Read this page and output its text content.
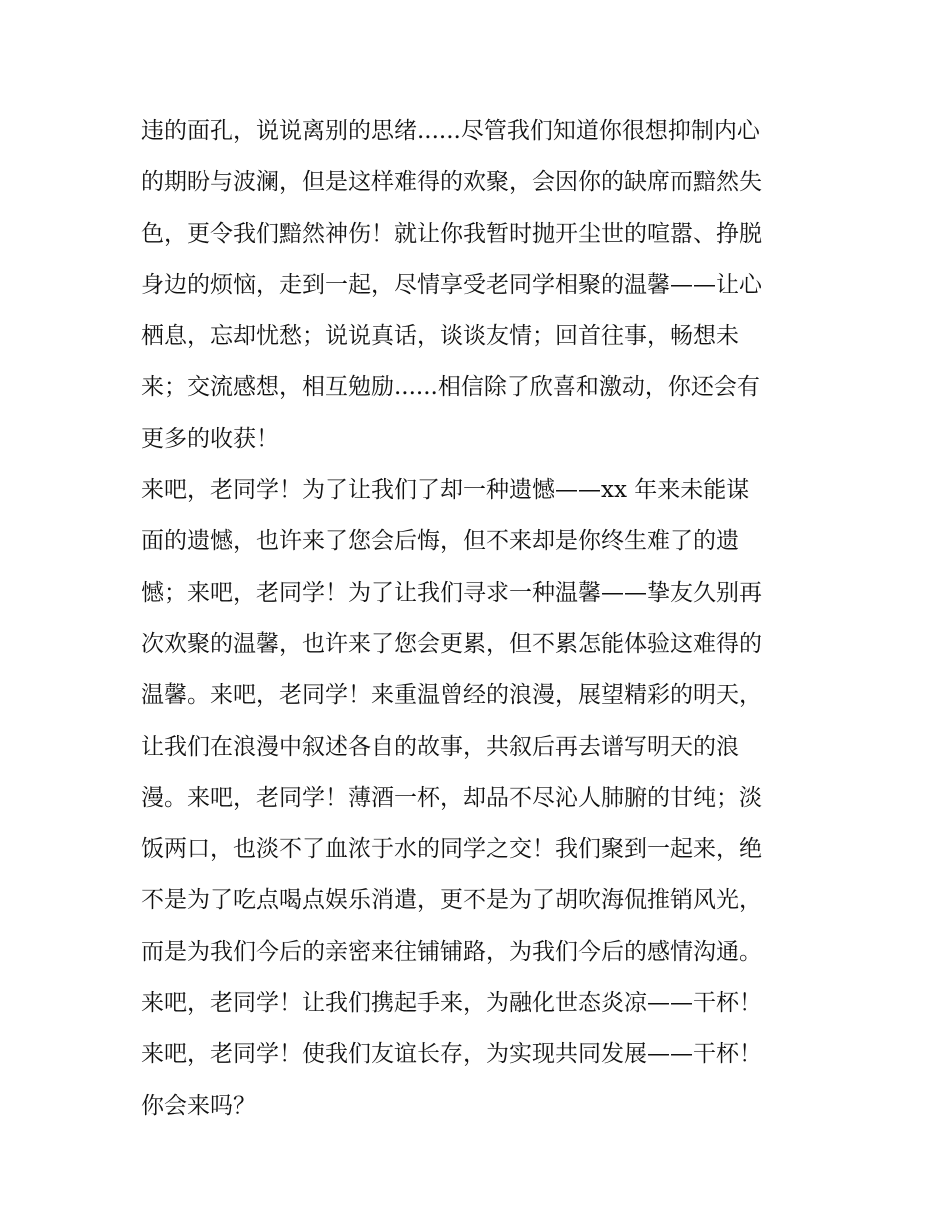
违的面孔，说说离别的思绪......尽管我们知道你很想抑制内心

的期盼与波澜，但是这样难得的欢聚，会因你的缺席而黯然失

色，更令我们黯然神伤！就让你我暂时抛开尘世的喧嚣、挣脱

身边的烦恼，走到一起，尽情享受老同学相聚的温馨——让心

栖息，忘却忧愁；说说真话，谈谈友情；回首往事，畅想未

来；交流感想，相互勉励......相信除了欣喜和激动，你还会有

更多的收获！

来吧，老同学！为了让我们了却一种遗憾——xx 年来未能谋

面的遗憾，也许来了您会后悔，但不来却是你终生难了的遗

憾；来吧，老同学！为了让我们寻求一种温馨——挚友久别再

次欢聚的温馨，也许来了您会更累，但不累怎能体验这难得的

温馨。来吧，老同学！来重温曾经的浪漫，展望精彩的明天，

让我们在浪漫中叙述各自的故事，共叙后再去谱写明天的浪

漫。来吧，老同学！薄酒一杯，却品不尽沁人肺腑的甘纯；淡

饭两口，也淡不了血浓于水的同学之交！我们聚到一起来，绝

不是为了吃点喝点娱乐消遣，更不是为了胡吹海侃推销风光，

而是为我们今后的亲密来往铺铺路，为我们今后的感情沟通。

来吧，老同学！让我们携起手来，为融化世态炎凉——干杯！

来吧，老同学！使我们友谊长存，为实现共同发展——干杯！

你会来吗？
